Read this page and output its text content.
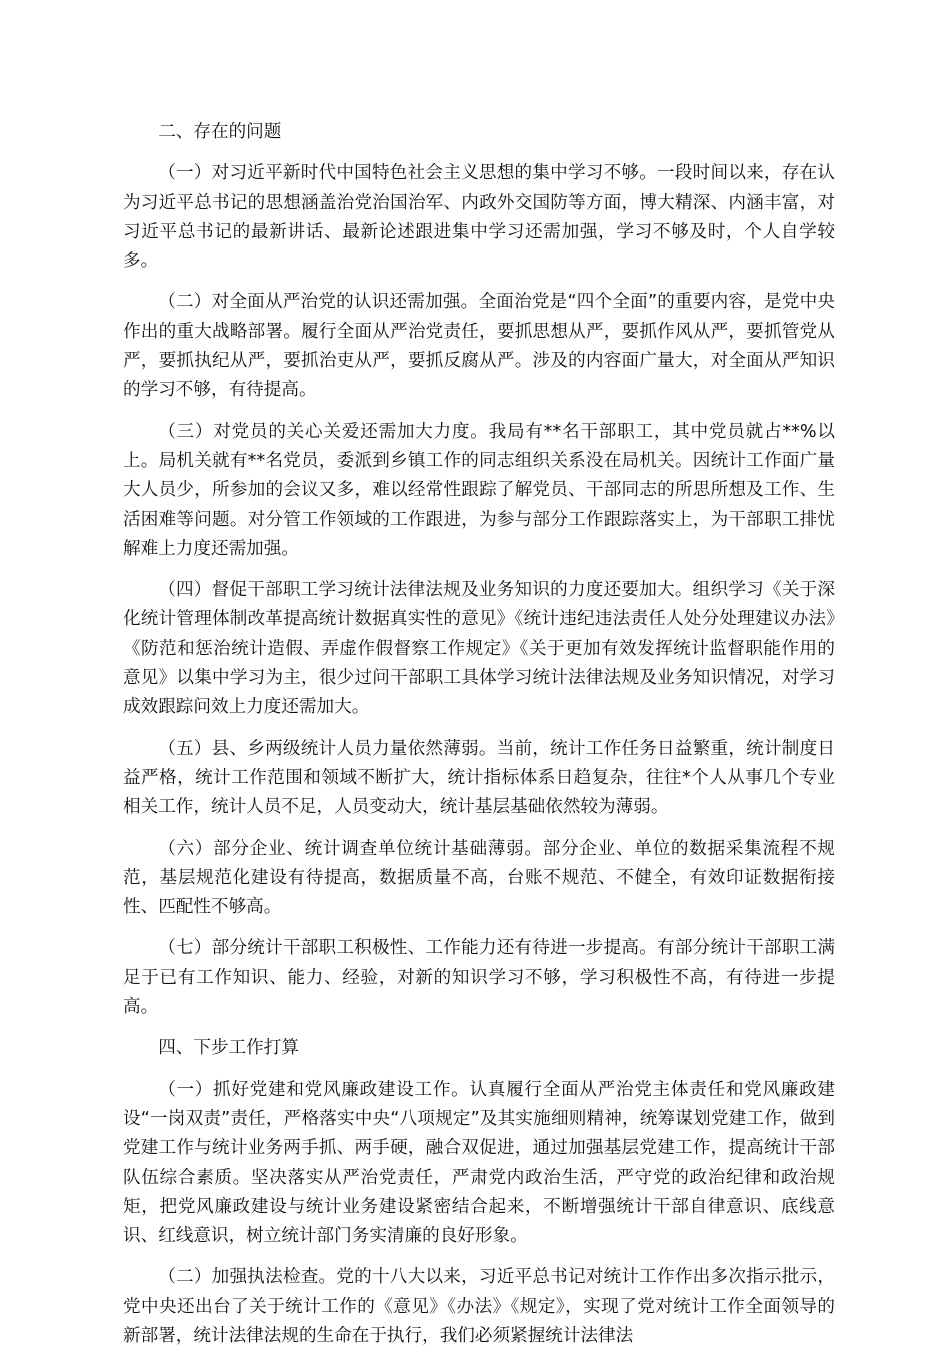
二、存在的问题

（一）对习近平新时代中国特色社会主义思想的集中学习不够。一段时间以来，存在认为习近平总书记的思想涵盖治党治国治军、内政外交国防等方面，博大精深、内涵丰富，对习近平总书记的最新讲话、最新论述跟进集中学习还需加强，学习不够及时，个人自学较多。

（二）对全面从严治党的认识还需加强。全面治党是“四个全面”的重要内容，是党中央作出的重大战略部署。履行全面从严治党责任，要抓思想从严，要抓作风从严，要抓管党从严，要抓执纪从严，要抓治吏从严，要抓反腐从严。涉及的内容面广量大，对全面从严知识的学习不够，有待提高。

（三）对党员的关心关爱还需加大力度。我局有**名干部职工，其中党员就占**%以上。局机关就有**名党员，委派到乡镇工作的同志组织关系没在局机关。因统计工作面广量大人员少，所参加的会议又多，难以经常性跟踪了解党员、干部同志的所思所想及工作、生活困难等问题。对分管工作领域的工作跟进，为参与部分工作跟踪落实上，为干部职工排忧解难上力度还需加强。

（四）督促干部职工学习统计法律法规及业务知识的力度还要加大。组织学习《关于深化统计管理体制改革提高统计数据真实性的意见》《统计违纪违法责任人处分处理建议办法》《防范和惩治统计造假、弄虚作假督察工作规定》《关于更加有效发挥统计监督职能作用的意见》以集中学习为主，很少过问干部职工具体学习统计法律法规及业务知识情况，对学习成效跟踪问效上力度还需加大。

（五）县、乡两级统计人员力量依然薄弱。当前，统计工作任务日益繁重，统计制度日益严格，统计工作范围和领域不断扩大，统计指标体系日趋复杂，往往*个人从事几个专业相关工作，统计人员不足，人员变动大，统计基层基础依然较为薄弱。

（六）部分企业、统计调查单位统计基础薄弱。部分企业、单位的数据采集流程不规范，基层规范化建设有待提高，数据质量不高，台账不规范、不健全，有效印证数据衔接性、匹配性不够高。

（七）部分统计干部职工积极性、工作能力还有待进一步提高。有部分统计干部职工满足于已有工作知识、能力、经验，对新的知识学习不够，学习积极性不高，有待进一步提高。

四、下步工作打算

（一）抓好党建和党风廉政建设工作。认真履行全面从严治党主体责任和党风廉政建设“一岗双责”责任，严格落实中央“八项规定”及其实施细则精神，统筹谋划党建工作，做到党建工作与统计业务两手抓、两手硬，融合双促进，通过加强基层党建工作，提高统计干部队伍综合素质。坚决落实从严治党责任，严肃党内政治生活，严守党的政治纪律和政治规矩，把党风廉政建设与统计业务建设紧密结合起来，不断增强统计干部自律意识、底线意识、红线意识，树立统计部门务实清廉的良好形象。

（二）加强执法检查。党的十八大以来，习近平总书记对统计工作作出多次指示批示，党中央还出台了关于统计工作的《意见》《办法》《规定》，实现了党对统计工作全面领导的新部署，统计法律法规的生命在于执行，我们必须紧握统计法律法
